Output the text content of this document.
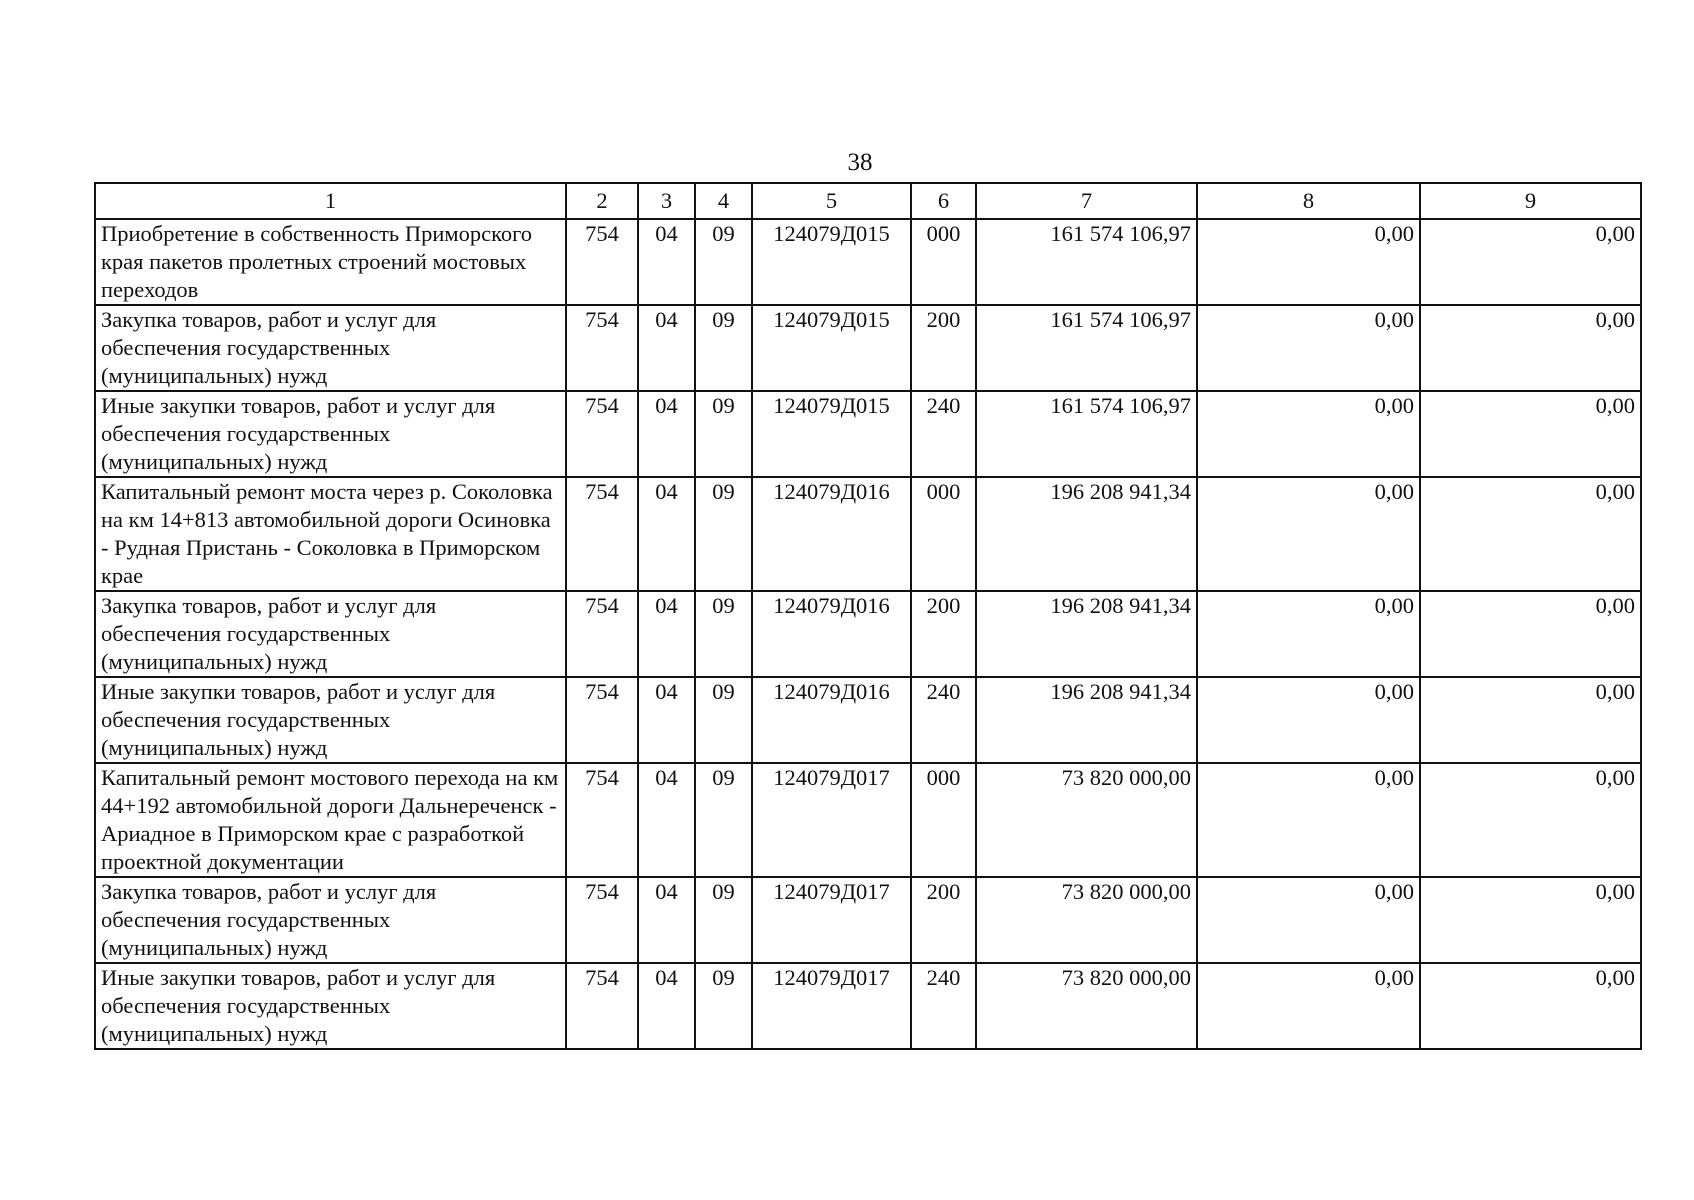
38
1	2	3	4	5	6	7	8	9
Приобретение в собственность Приморского края пакетов пролетных строений мостовых переходов	754	04	09	124079Д015	000	161 574 106,97	0,00	0,00
Закупка товаров, работ и услуг для обеспечения государственных (муниципальных) нужд	754	04	09	124079Д015	200	161 574 106,97	0,00	0,00
Иные закупки товаров, работ и услуг для обеспечения государственных (муниципальных) нужд	754	04	09	124079Д015	240	161 574 106,97	0,00	0,00
Капитальный ремонт моста через р. Соколовка на км 14+813 автомобильной дороги Осиновка - Рудная Пристань - Соколовка в Приморском крае	754	04	09	124079Д016	000	196 208 941,34	0,00	0,00
Закупка товаров, работ и услуг для обеспечения государственных (муниципальных) нужд	754	04	09	124079Д016	200	196 208 941,34	0,00	0,00
Иные закупки товаров, работ и услуг для обеспечения государственных (муниципальных) нужд	754	04	09	124079Д016	240	196 208 941,34	0,00	0,00
Капитальный ремонт мостового перехода на км 44+192 автомобильной дороги Дальнереченск - Ариадное в Приморском крае с разработкой проектной документации	754	04	09	124079Д017	000	73 820 000,00	0,00	0,00
Закупка товаров, работ и услуг для обеспечения государственных (муниципальных) нужд	754	04	09	124079Д017	200	73 820 000,00	0,00	0,00
Иные закупки товаров, работ и услуг для обеспечения государственных (муниципальных) нужд	754	04	09	124079Д017	240	73 820 000,00	0,00	0,00
